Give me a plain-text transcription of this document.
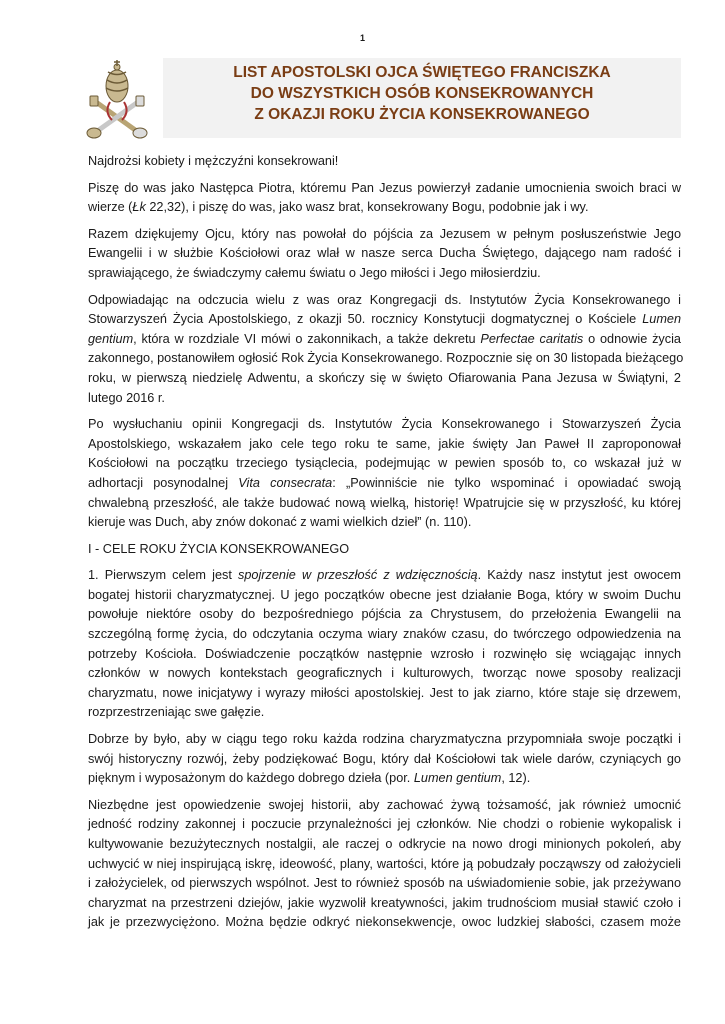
1
LIST APOSTOLSKI OJCA ŚWIĘTEGO FRANCISZKA
DO WSZYSTKICH OSÓB KONSEKROWANYCH
Z OKAZJI ROKU ŻYCIA KONSEKROWANEGO
Najdrożsi kobiety i mężczyźni konsekrowani!
Piszę do was jako Następca Piotra, któremu Pan Jezus powierzył zadanie umocnienia swoich braci w
wierze (Łk 22,32), i piszę do was, jako wasz brat, konsekrowany Bogu, podobnie jak i wy.
Razem dziękujemy Ojcu, który nas powołał do pójścia za Jezusem w pełnym posłuszeństwie Jego
Ewangelii i w służbie Kościołowi oraz wlał w nasze serca Ducha Świętego, dającego nam radość i
sprawiającego, że świadczymy całemu światu o Jego miłości i Jego miłosierdziu.
Odpowiadając na odczucia wielu z was oraz Kongregacji ds. Instytutów Życia Konsekrowanego i
Stowarzyszeń Życia Apostolskiego, z okazji 50. rocznicy Konstytucji dogmatycznej o Kościele Lumen
gentium, która w rozdziale VI mówi o zakonnikach, a także dekretu Perfectae caritatis o odnowie życia
zakonnego, postanowiłem ogłosić Rok Życia Konsekrowanego. Rozpocznie się on 30 listopada bieżącego
roku, w pierwszą niedzielę Adwentu, a skończy się w święto Ofiarowania Pana Jezusa w Świątyni, 2
lutego 2016 r.
Po wysłuchaniu opinii Kongregacji ds. Instytutów Życia Konsekrowanego i Stowarzyszeń Życia
Apostolskiego, wskazałem jako cele tego roku te same, jakie święty Jan Paweł II zaproponował
Kościołowi na początku trzeciego tysiąclecia, podejmując w pewien sposób to, co wskazał już w
adhortacji posynodalnej Vita consecrata: „Powinniście nie tylko wspominać i opowiadać swoją
chwalebną przeszłość, ale także budować nową wielką, historię! Wpatrujcie się w przyszłość, ku której
kieruje was Duch, aby znów dokonać z wami wielkich dzieł” (n. 110).
I - CELE ROKU ŻYCIA KONSEKROWANEGO
1. Pierwszym celem jest spojrzenie w przeszłość z wdzięcznością. Każdy nasz instytut jest owocem
bogatej historii charyzmatycznej. U jego początków obecne jest działanie Boga, który w swoim Duchu
powołuje niektóre osoby do bezpośredniego pójścia za Chrystusem, do przełożenia Ewangelii na
szczególną formę życia, do odczytania oczyma wiary znaków czasu, do twórczego odpowiedzenia na
potrzeby Kościoła. Doświadczenie początków następnie wzrosło i rozwinęło się wciągając innych
członków w nowych kontekstach geograficznych i kulturowych, tworząc nowe sposoby realizacji
charyzmatu, nowe inicjatywy i wyrazy miłości apostolskiej. Jest to jak ziarno, które staje się drzewem,
rozprzestrzeniając swe gałęzie.
Dobrze by było, aby w ciągu tego roku każda rodzina charyzmatyczna przypomniała swoje początki i
swój historyczny rozwój, żeby podziękować Bogu, który dał Kościołowi tak wiele darów, czyniących go
pięknym i wyposażonym do każdego dobrego dzieła (por. Lumen gentium, 12).
Niezbędne jest opowiedzenie swojej historii, aby zachować żywą tożsamość, jak również umocnić
jedność rodziny zakonnej i poczucie przynależności jej członków. Nie chodzi o robienie wykopalisk i
kultywowanie bezużytecznych nostalgii, ale raczej o odkrycie na nowo drogi minionych pokoleń, aby
uchwycić w niej inspirującą iskrę, ideowość, plany, wartości, które ją pobudzały począwszy od założycieli
i założycielek, od pierwszych wspólnot. Jest to również sposób na uświadomienie sobie, jak przeżywano
charyzmat na przestrzeni dziejów, jakie wyzwolił kreatywności, jakim trudnościom musiał stawić czoło i
jak je przezwyciężono. Można będzie odkryć niekonsekwencje, owoc ludzkiej słabości, czasem może
